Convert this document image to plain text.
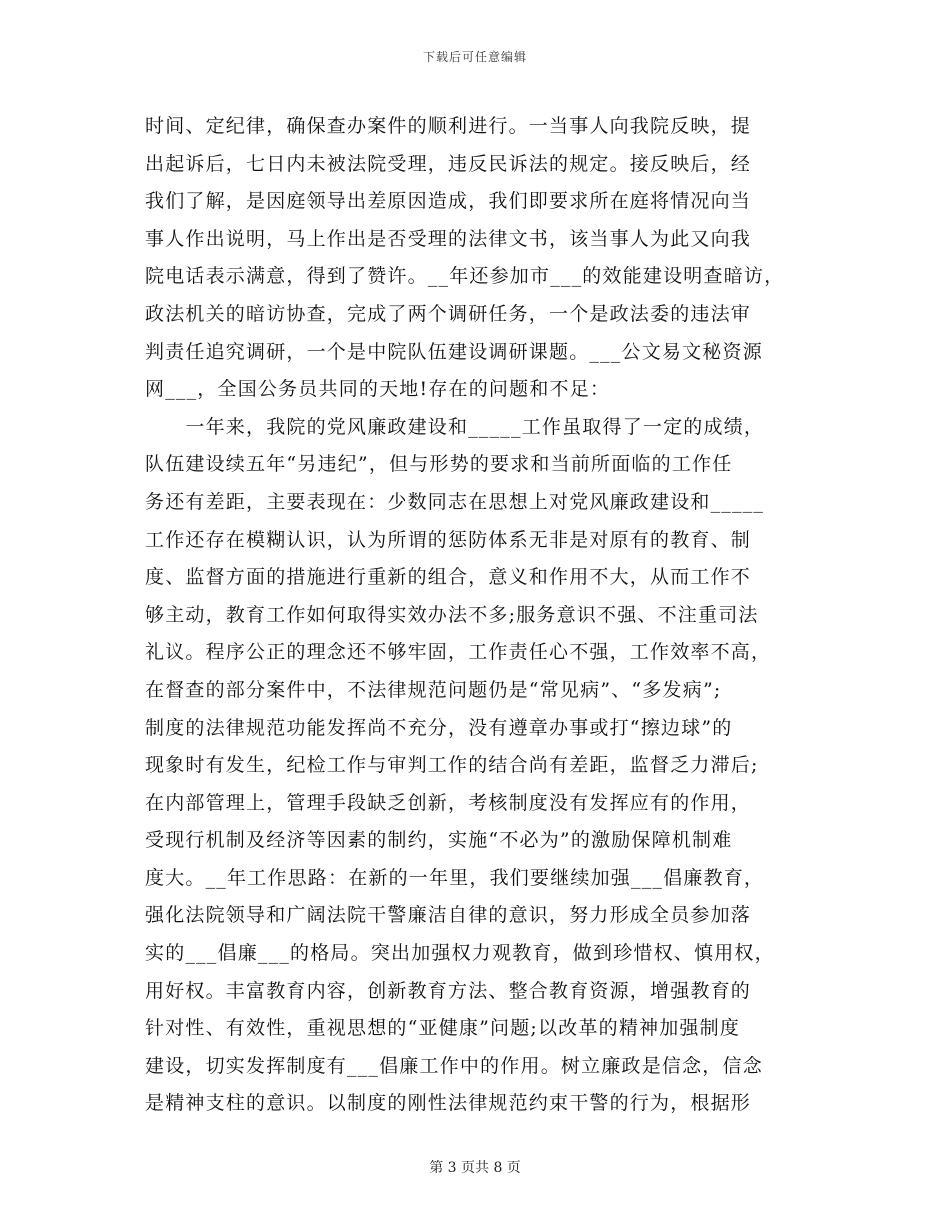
下载后可任意编辑
时间、定纪律，确保查办案件的顺利进行。一当事人向我院反映，提
出起诉后，七日内未被法院受理，违反民诉法的规定。接反映后，经
我们了解，是因庭领导出差原因造成，我们即要求所在庭将情况向当
事人作出说明，马上作出是否受理的法律文书，该当事人为此又向我
院电话表示满意，得到了赞许。__年还参加市___的效能建设明查暗访，
政法机关的暗访协查，完成了两个调研任务，一个是政法委的违法审
判责任追究调研，一个是中院队伍建设调研课题。___公文易文秘资源
网___，全国公务员共同的天地!存在的问题和不足：
　　一年来，我院的党风廉政建设和_____工作虽取得了一定的成绩，
队伍建设续五年“另违纪”，但与形势的要求和当前所面临的工作任
务还有差距，主要表现在：少数同志在思想上对党风廉政建设和_____
工作还存在模糊认识，认为所谓的惩防体系无非是对原有的教育、制
度、监督方面的措施进行重新的组合，意义和作用不大，从而工作不
够主动，教育工作如何取得实效办法不多;服务意识不强、不注重司法
礼议。程序公正的理念还不够牢固，工作责任心不强，工作效率不高，
在督查的部分案件中，不法律规范问题仍是“常见病”、“多发病”;
制度的法律规范功能发挥尚不充分，没有遵章办事或打“擦边球”的
现象时有发生，纪检工作与审判工作的结合尚有差距，监督乏力滞后;
在内部管理上，管理手段缺乏创新，考核制度没有发挥应有的作用，
受现行机制及经济等因素的制约，实施“不必为”的激励保障机制难
度大。__年工作思路：在新的一年里，我们要继续加强___倡廉教育，
强化法院领导和广阔法院干警廉洁自律的意识，努力形成全员参加落
实的___倡廉___的格局。突出加强权力观教育，做到珍惜权、慎用权，
用好权。丰富教育内容，创新教育方法、整合教育资源，增强教育的
针对性、有效性，重视思想的“亚健康”问题;以改革的精神加强制度
建设，切实发挥制度有___倡廉工作中的作用。树立廉政是信念，信念
是精神支柱的意识。以制度的刚性法律规范约束干警的行为，根据形
第 3 页共 8 页
